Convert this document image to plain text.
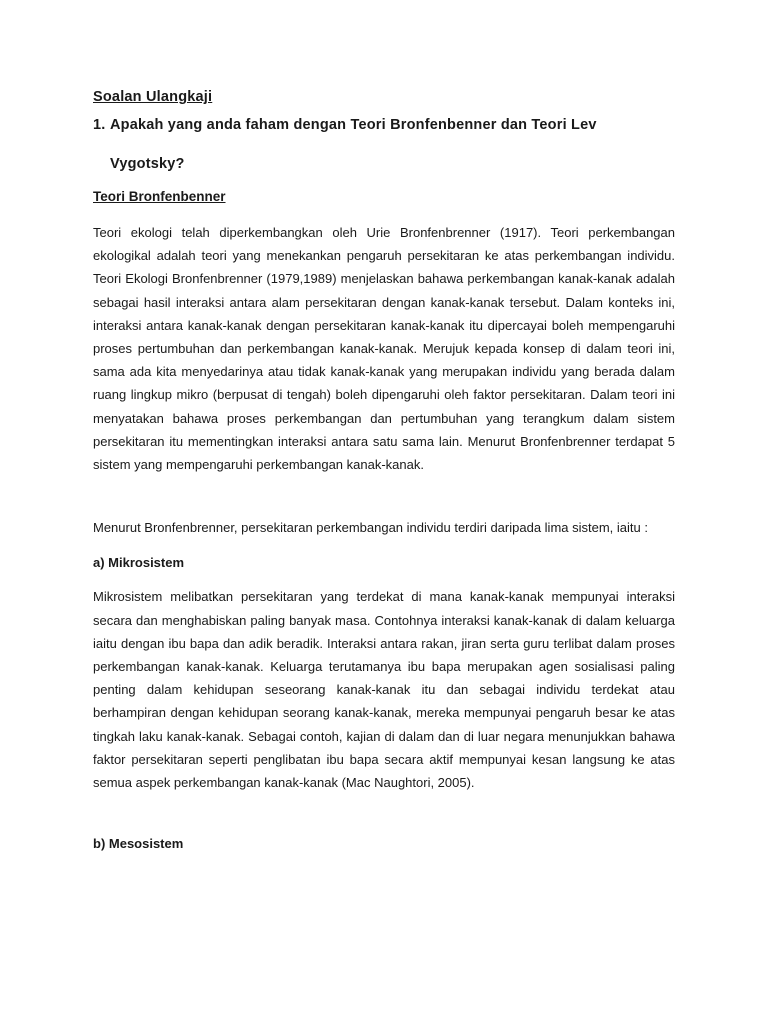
Soalan Ulangkaji
1. Apakah yang anda faham dengan Teori Bronfenbenner dan Teori Lev
Vygotsky?
Teori Bronfenbenner

Teori ekologi telah diperkembangkan oleh Urie Bronfenbrenner (1917). Teori perkembangan ekologikal adalah teori yang menekankan pengaruh persekitaran ke atas perkembangan individu. Teori Ekologi Bronfenbrenner (1979,1989) menjelaskan bahawa perkembangan kanak-kanak adalah sebagai hasil interaksi antara alam persekitaran dengan kanak-kanak tersebut. Dalam konteks ini, interaksi antara kanak-kanak dengan persekitaran kanak-kanak itu dipercayai boleh mempengaruhi proses pertumbuhan dan perkembangan kanak-kanak. Merujuk kepada konsep di dalam teori ini, sama ada kita menyedarinya atau tidak kanak-kanak yang merupakan individu yang berada dalam ruang lingkup mikro (berpusat di tengah) boleh dipengaruhi oleh faktor persekitaran. Dalam teori ini menyatakan bahawa proses perkembangan dan pertumbuhan yang terangkum dalam sistem persekitaran itu mementingkan interaksi antara satu sama lain. Menurut Bronfenbrenner terdapat 5 sistem yang mempengaruhi perkembangan kanak-kanak.

Menurut Bronfenbrenner, persekitaran perkembangan individu terdiri daripada lima sistem, iaitu :

a) Mikrosistem

Mikrosistem melibatkan persekitaran yang terdekat di mana kanak-kanak mempunyai interaksi secara dan menghabiskan paling banyak masa. Contohnya interaksi kanak-kanak di dalam keluarga iaitu dengan ibu bapa dan adik beradik. Interaksi antara rakan, jiran serta guru terlibat dalam proses perkembangan kanak-kanak. Keluarga terutamanya ibu bapa merupakan agen sosialisasi paling penting dalam kehidupan seseorang kanak-kanak itu dan sebagai individu terdekat atau berhampiran dengan kehidupan seorang kanak-kanak, mereka mempunyai pengaruh besar ke atas tingkah laku kanak-kanak. Sebagai contoh, kajian di dalam dan di luar negara menunjukkan bahawa faktor persekitaran seperti penglibatan ibu bapa secara aktif mempunyai kesan langsung ke atas semua aspek perkembangan kanak-kanak (Mac Naughtori, 2005).

b) Mesosistem
